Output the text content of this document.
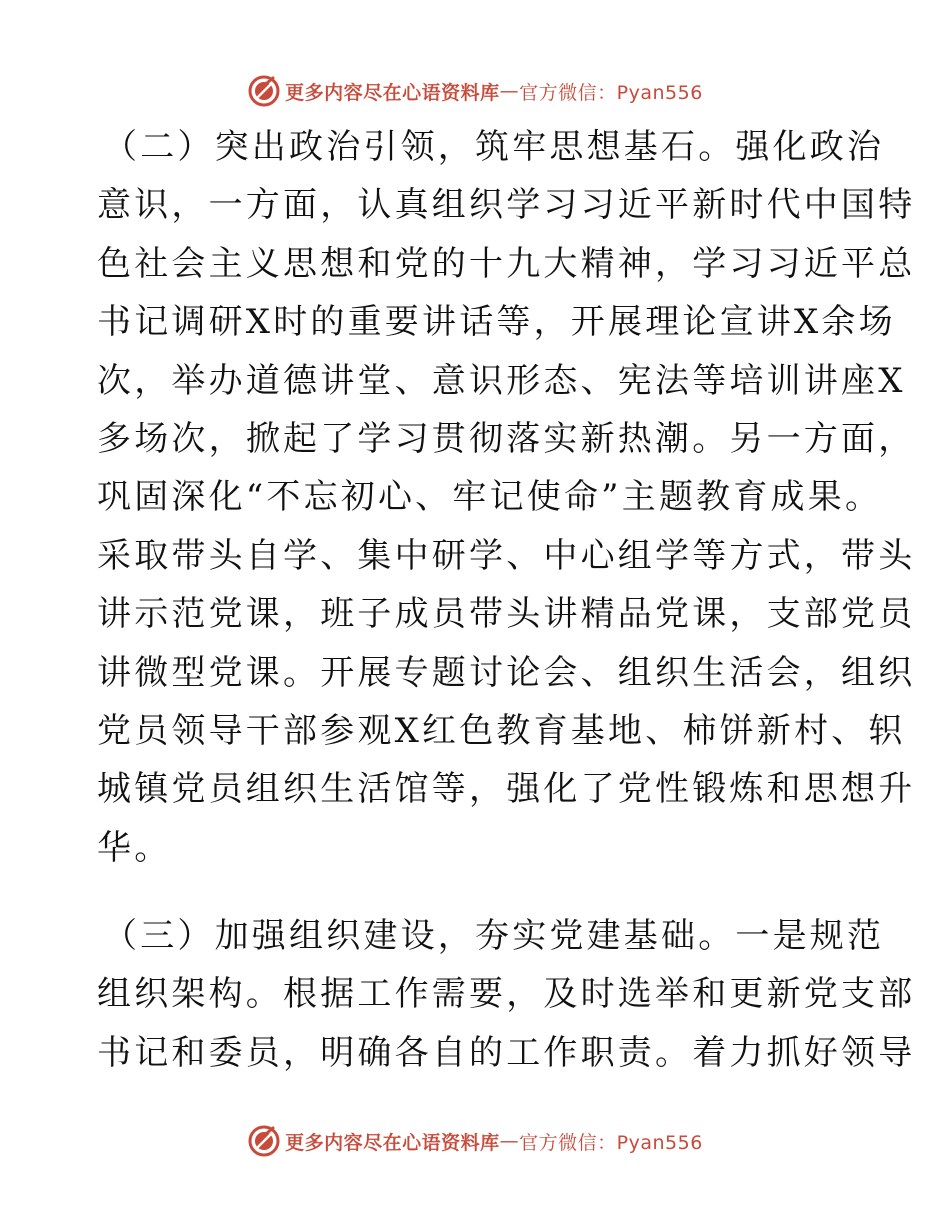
更多内容尽在心语资料库 — 官方微信：Pyan556
（二）突出政治引领，筑牢思想基石。强化政治
意识，一方面，认真组织学习习近平新时代中国特
色社会主义思想和党的十九大精神，学习习近平总
书记调研X时的重要讲话等，开展理论宣讲X余场
次，举办道德讲堂、意识形态、宪法等培训讲座X
多场次，掀起了学习贯彻落实新热潮。另一方面，
巩固深化“不忘初心、牢记使命”主题教育成果。
采取带头自学、集中研学、中心组学等方式，带头
讲示范党课，班子成员带头讲精品党课，支部党员
讲微型党课。开展专题讨论会、组织生活会，组织
党员领导干部参观X红色教育基地、柿饼新村、轵
城镇党员组织生活馆等，强化了党性锻炼和思想升
华。
（三）加强组织建设，夯实党建基础。一是规范
组织架构。根据工作需要，及时选举和更新党支部
书记和委员，明确各自的工作职责。着力抓好领导
更多内容尽在心语资料库 — 官方微信：Pyan556
